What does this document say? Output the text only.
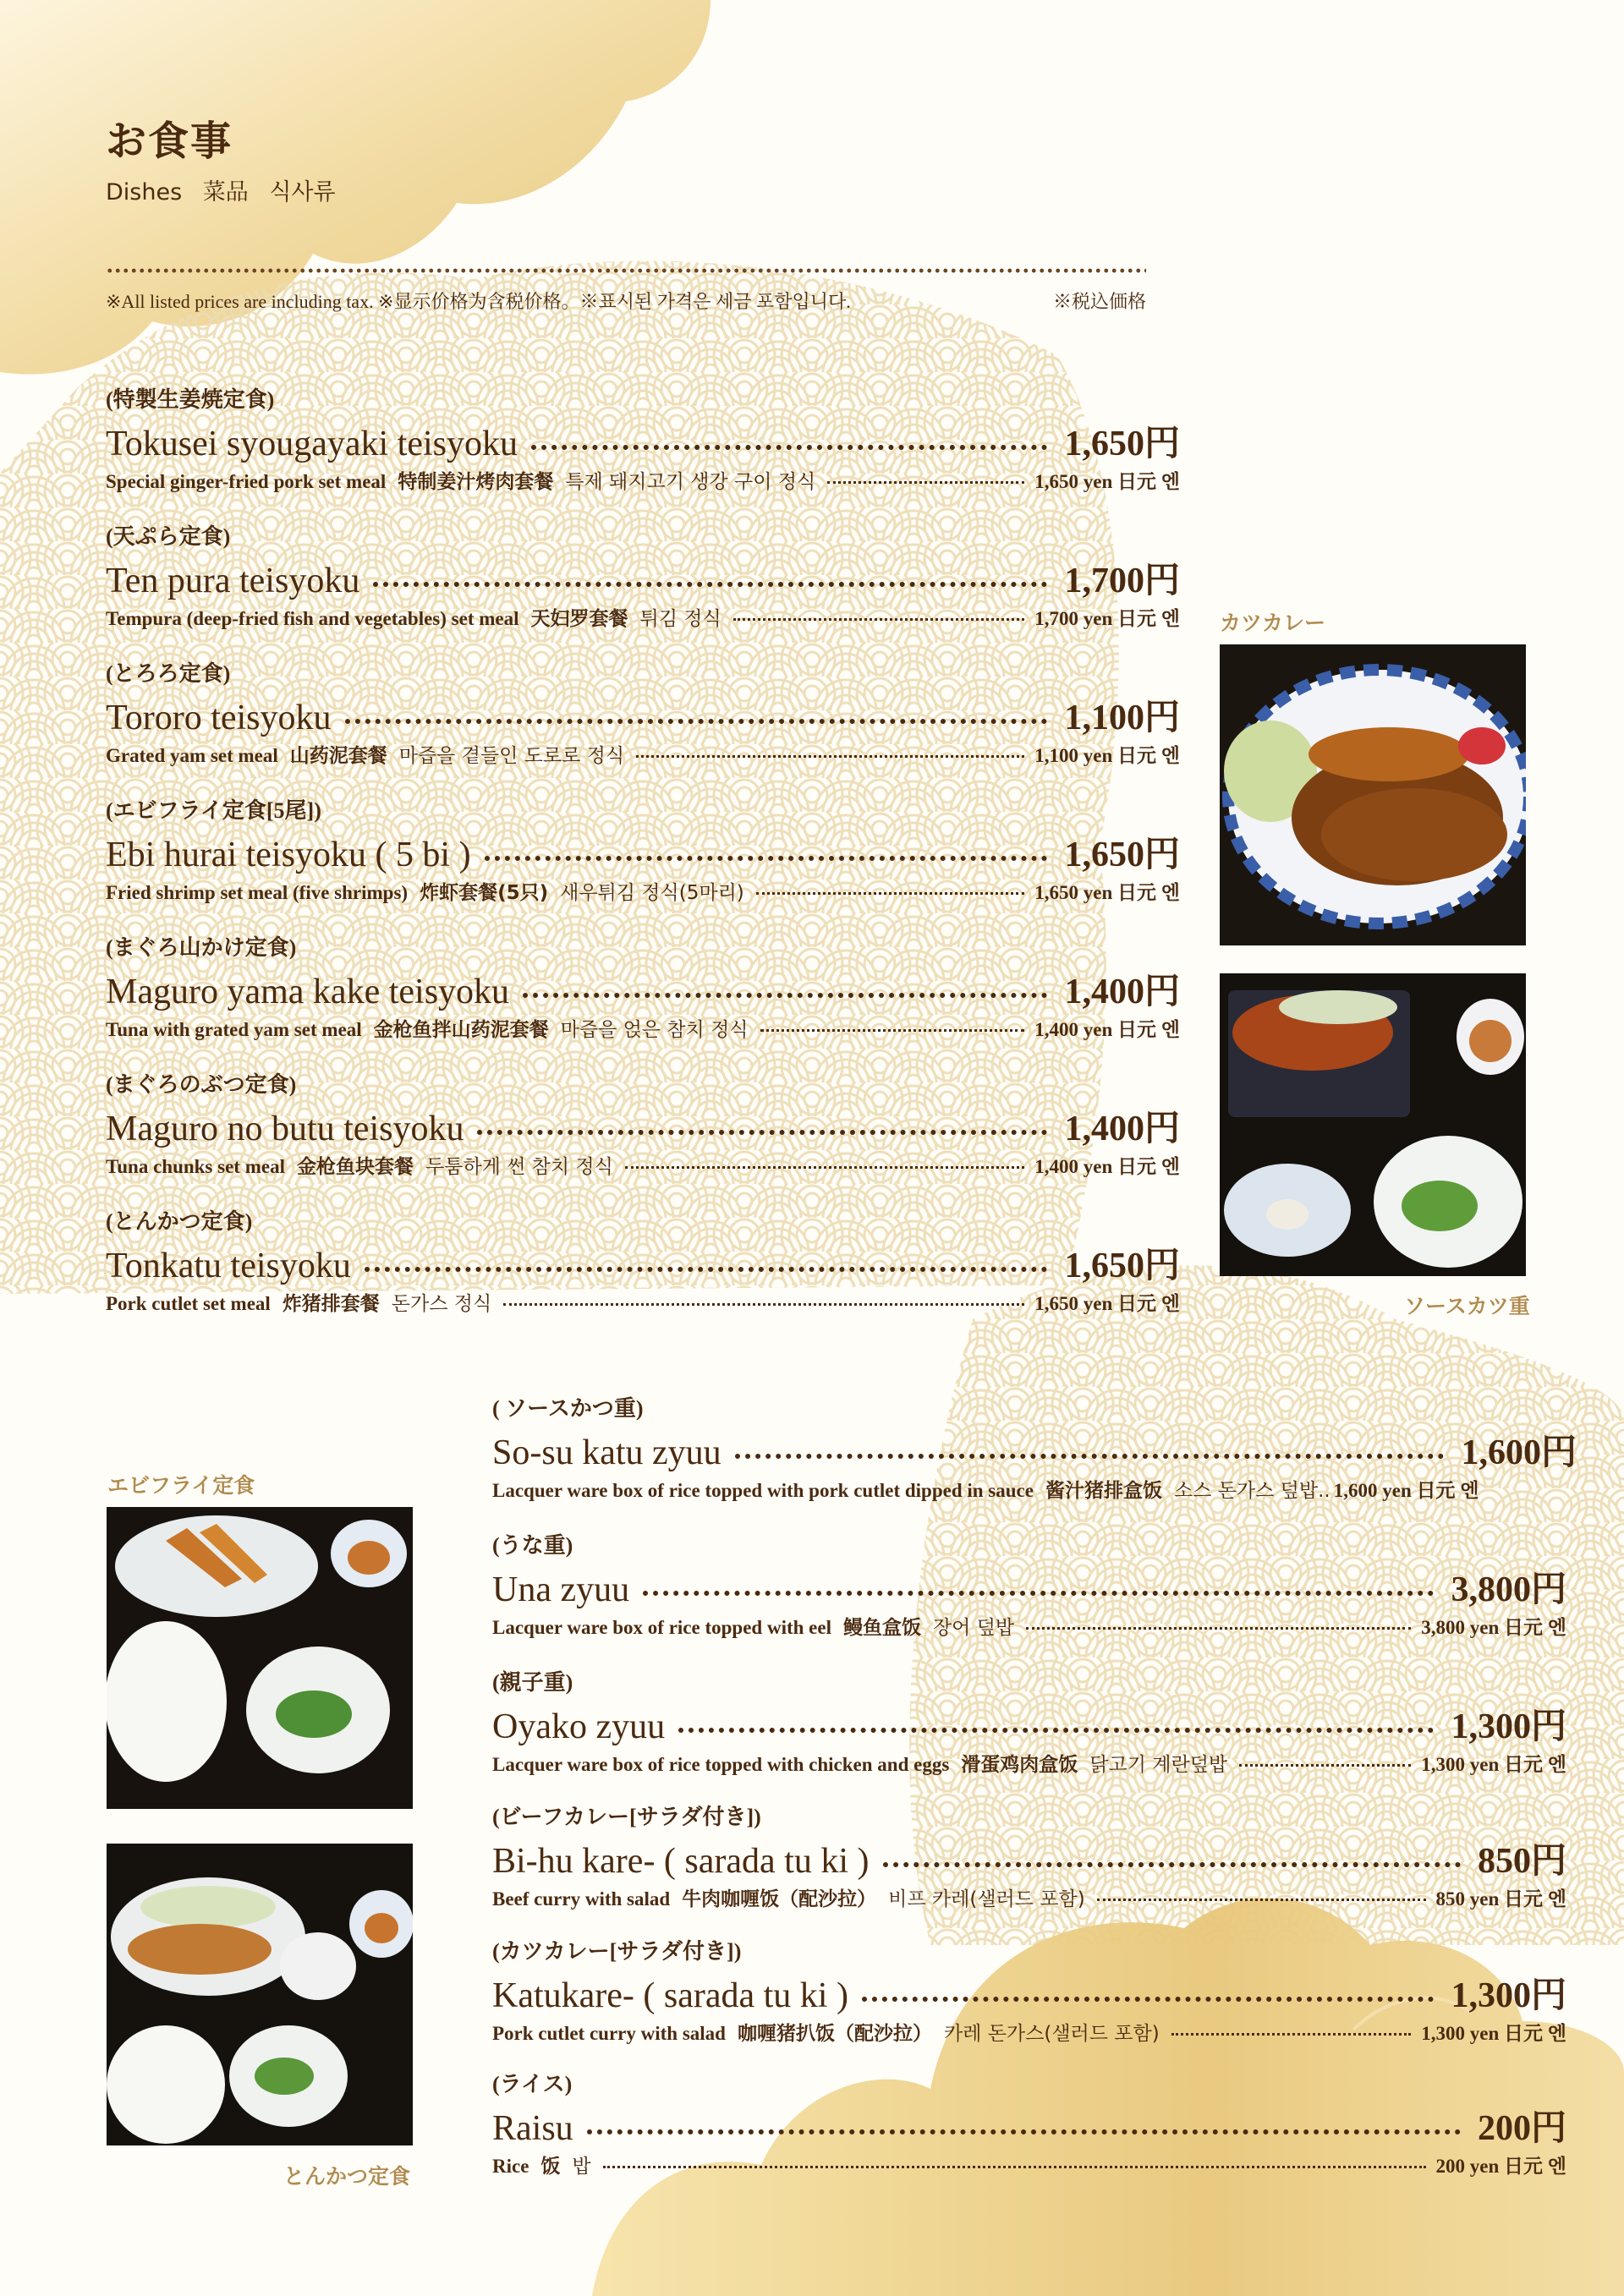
お食事
Dishes 菜品 식사류
※All listed prices are including tax. ※显示价格为含税价格。※표시된 가격은 세금 포함입니다.	※税込価格
(特製生姜焼定食)
Tokusei syougayaki teisyoku	1,650円
Special ginger-fried pork set meal 特制姜汁烤肉套餐 특제 돼지고기 생강 구이 정식	1,650 yen 日元 엔
(天ぷら定食)
Ten pura teisyoku	1,700円
Tempura (deep-fried fish and vegetables) set meal 天妇罗套餐 튀김 정식	1,700 yen 日元 엔
(とろろ定食)
Tororo teisyoku	1,100円
Grated yam set meal 山药泥套餐 마즙을 곁들인 도로로 정식	1,100 yen 日元 엔
(エビフライ定食[5尾])
Ebi hurai teisyoku ( 5 bi )	1,650円
Fried shrimp set meal (five shrimps) 炸虾套餐(5只) 새우튀김 정식(5마리)	1,650 yen 日元 엔
(まぐろ山かけ定食)
Maguro yama kake teisyoku	1,400円
Tuna with grated yam set meal 金枪鱼拌山药泥套餐 마즙을 얹은 참치 정식	1,400 yen 日元 엔
(まぐろのぶつ定食)
Maguro no butu teisyoku	1,400円
Tuna chunks set meal 金枪鱼块套餐 두툼하게 썬 참치 정식	1,400 yen 日元 엔
(とんかつ定食)
Tonkatu teisyoku	1,650円
Pork cutlet set meal 炸猪排套餐 돈가스 정식	1,650 yen 日元 엔
カツカレー
ソースカツ重
( ソースかつ重)
So-su katu zyuu	1,600円
Lacquer ware box of rice topped with pork cutlet dipped in sauce 酱汁猪排盒饭 소스 돈가스 덮밥.. 1,600 yen 日元 엔
(うな重)
Una zyuu	3,800円
Lacquer ware box of rice topped with eel 鳗鱼盒饭 장어 덮밥	3,800 yen 日元 엔
(親子重)
Oyako zyuu	1,300円
Lacquer ware box of rice topped with chicken and eggs 滑蛋鸡肉盒饭 닭고기 계란덮밥	1,300 yen 日元 엔
(ビーフカレー[サラダ付き])
Bi-hu kare- ( sarada tu ki )	850円
Beef curry with salad 牛肉咖喱饭（配沙拉） 비프 카레(샐러드 포함)	850 yen 日元 엔
(カツカレー[サラダ付き])
Katukare- ( sarada tu ki )	1,300円
Pork cutlet curry with salad 咖喱猪扒饭（配沙拉） 카레 돈가스(샐러드 포함)	1,300 yen 日元 엔
(ライス)
Raisu	200円
Rice 饭 밥	200 yen 日元 엔
エビフライ定食
とんかつ定食
